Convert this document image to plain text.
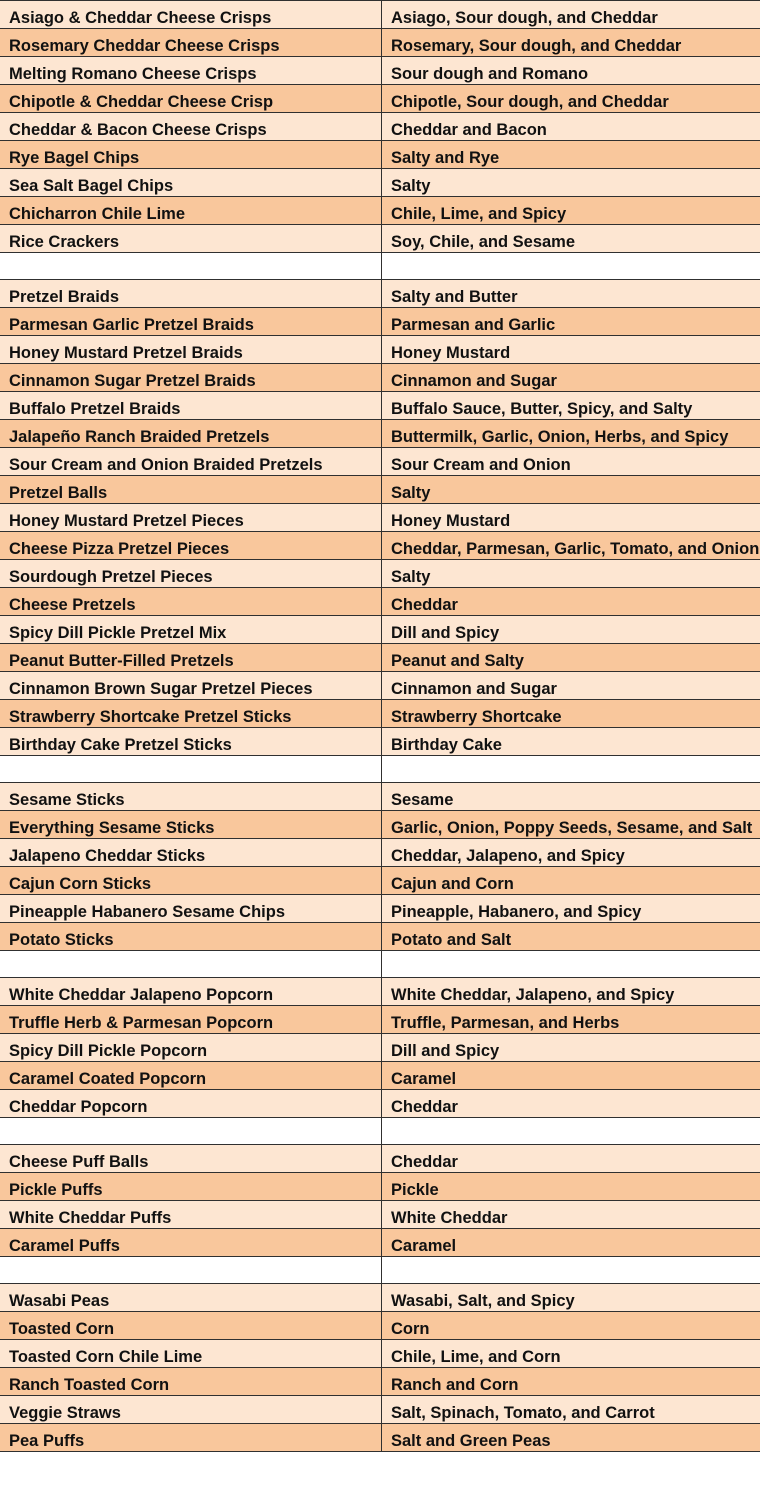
Asiago & Cheddar Cheese Crisps	Asiago, Sour dough, and Cheddar
Rosemary Cheddar Cheese Crisps	Rosemary, Sour dough, and Cheddar
Melting Romano Cheese Crisps	Sour dough and Romano
Chipotle & Cheddar Cheese Crisp	Chipotle, Sour dough, and Cheddar
Cheddar & Bacon Cheese Crisps	Cheddar and Bacon
Rye Bagel Chips	Salty and Rye
Sea Salt Bagel Chips	Salty
Chicharron Chile Lime	Chile, Lime, and Spicy
Rice Crackers	Soy, Chile, and Sesame

Pretzel Braids	Salty and Butter
Parmesan Garlic Pretzel Braids	Parmesan and Garlic
Honey Mustard Pretzel Braids	Honey Mustard
Cinnamon Sugar Pretzel Braids	Cinnamon and Sugar
Buffalo Pretzel Braids	Buffalo Sauce, Butter, Spicy, and Salty
Jalapeño Ranch Braided Pretzels	Buttermilk, Garlic, Onion, Herbs, and Spicy
Sour Cream and Onion Braided Pretzels	Sour Cream and Onion
Pretzel Balls	Salty
Honey Mustard Pretzel Pieces	Honey Mustard
Cheese Pizza Pretzel Pieces	Cheddar, Parmesan, Garlic, Tomato, and Onion
Sourdough Pretzel Pieces	Salty
Cheese Pretzels	Cheddar
Spicy Dill Pickle Pretzel Mix	Dill and Spicy
Peanut Butter-Filled Pretzels	Peanut and Salty
Cinnamon Brown Sugar Pretzel Pieces	Cinnamon and Sugar
Strawberry Shortcake Pretzel Sticks	Strawberry Shortcake
Birthday Cake Pretzel Sticks	Birthday Cake

Sesame Sticks	Sesame
Everything Sesame Sticks	Garlic, Onion, Poppy Seeds, Sesame, and Salt
Jalapeno Cheddar Sticks	Cheddar, Jalapeno, and Spicy
Cajun Corn Sticks	Cajun and Corn
Pineapple Habanero Sesame Chips	Pineapple, Habanero, and Spicy
Potato Sticks	Potato and Salt

White Cheddar Jalapeno Popcorn	White Cheddar, Jalapeno, and Spicy
Truffle Herb & Parmesan Popcorn	Truffle, Parmesan, and Herbs
Spicy Dill Pickle Popcorn	Dill and Spicy
Caramel Coated Popcorn	Caramel
Cheddar Popcorn	Cheddar

Cheese Puff Balls	Cheddar
Pickle Puffs	Pickle
White Cheddar Puffs	White Cheddar
Caramel Puffs	Caramel

Wasabi Peas	Wasabi, Salt, and Spicy
Toasted Corn	Corn
Toasted Corn Chile Lime	Chile, Lime, and Corn
Ranch Toasted Corn	Ranch and Corn
Veggie Straws	Salt, Spinach, Tomato, and Carrot
Pea Puffs	Salt and Green Peas
